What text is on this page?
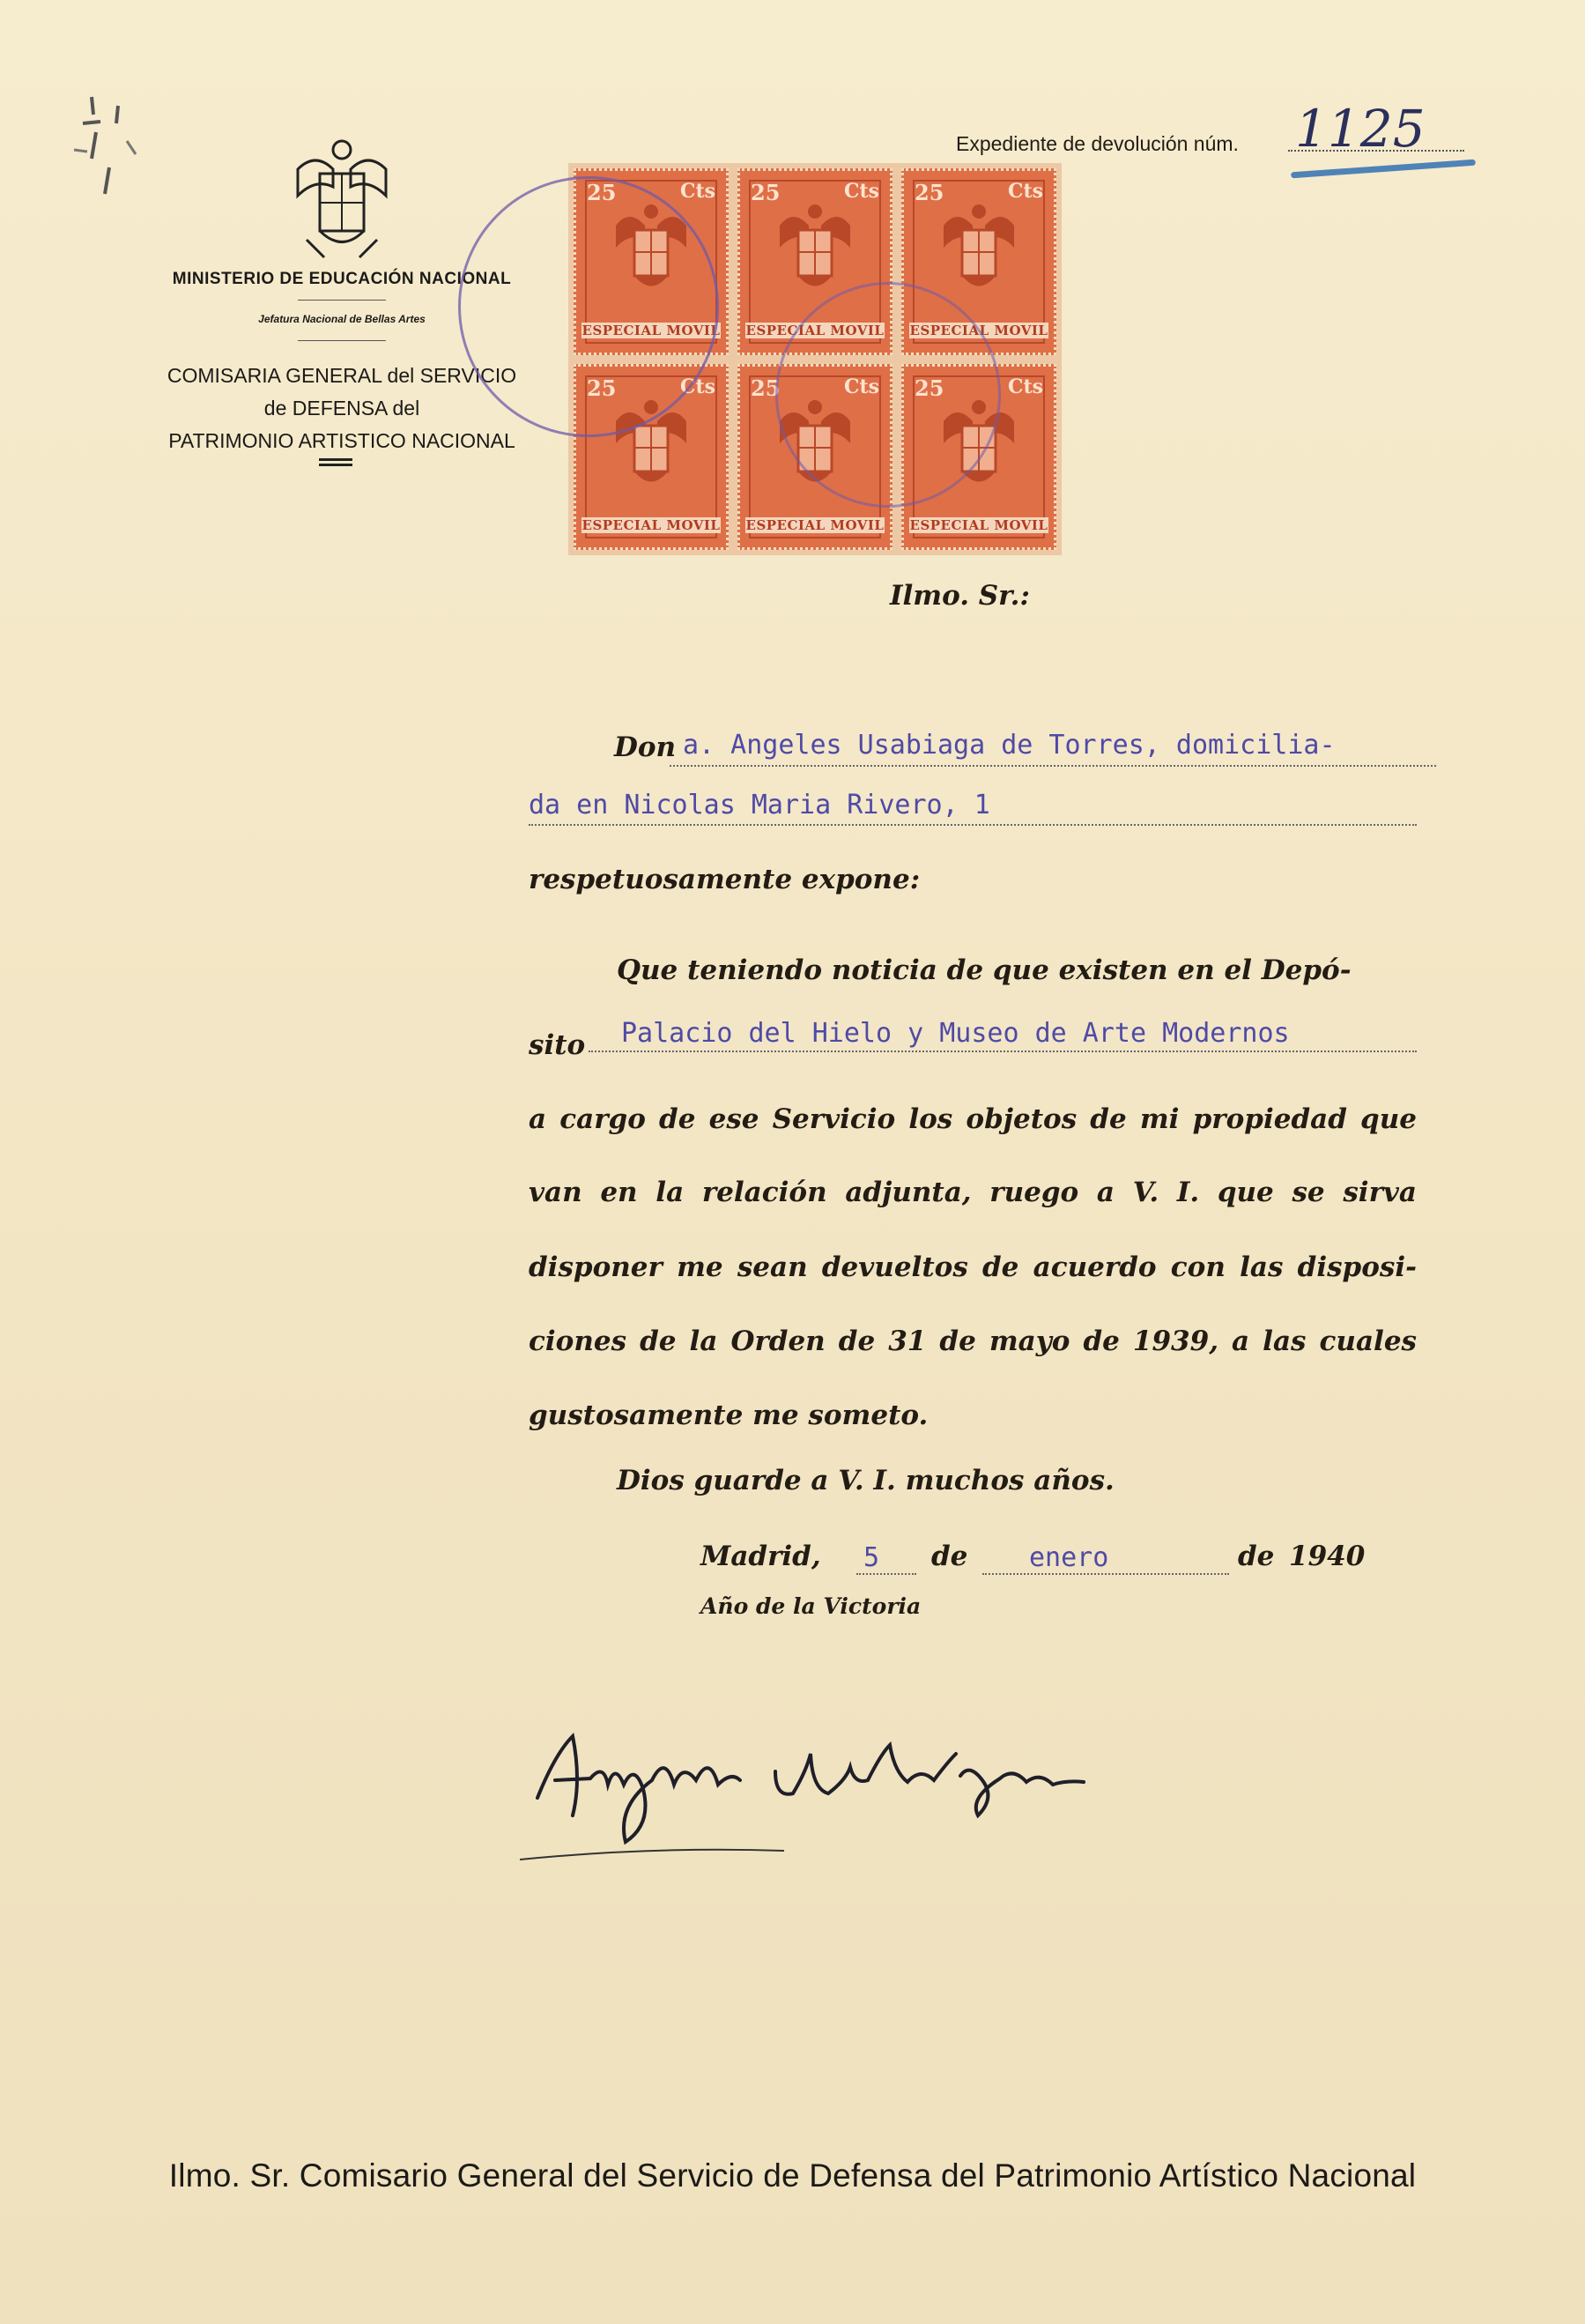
MINISTERIO DE EDUCACIÓN NACIONAL
Jefatura Nacional de Bellas Artes
COMISARIA GENERAL del SERVICIO
de DEFENSA del
PATRIMONIO ARTISTICO NACIONAL
Expediente de devolución núm. 1125
25	Cts
ESPECIAL MOVIL
25	Cts
ESPECIAL MOVIL
25	Cts
ESPECIAL MOVIL
25	Cts
ESPECIAL MOVIL
25	Cts
ESPECIAL MOVIL
25	Cts
ESPECIAL MOVIL
Ilmo. Sr.:
Don a. Angeles Usabiaga de Torres, domicilia-
da en Nicolas Maria Rivero, 1
respetuosamente expone:
Que teniendo noticia de que existen en el Depó-
sito Palacio del Hielo y Museo de Arte Modernos
a cargo de ese Servicio los objetos de mi propiedad que
van en la relación adjunta, ruego a V. I. que se sirva
disponer me sean devueltos de acuerdo con las disposi-
ciones de la Orden de 31 de mayo de 1939, a las cuales
gustosamente me someto.
Dios guarde a V. I. muchos años.
Madrid, 5 de enero	de 1940
Año de la Victoria
Ilmo. Sr. Comisario General del Servicio de Defensa del Patrimonio Artístico Nacional
